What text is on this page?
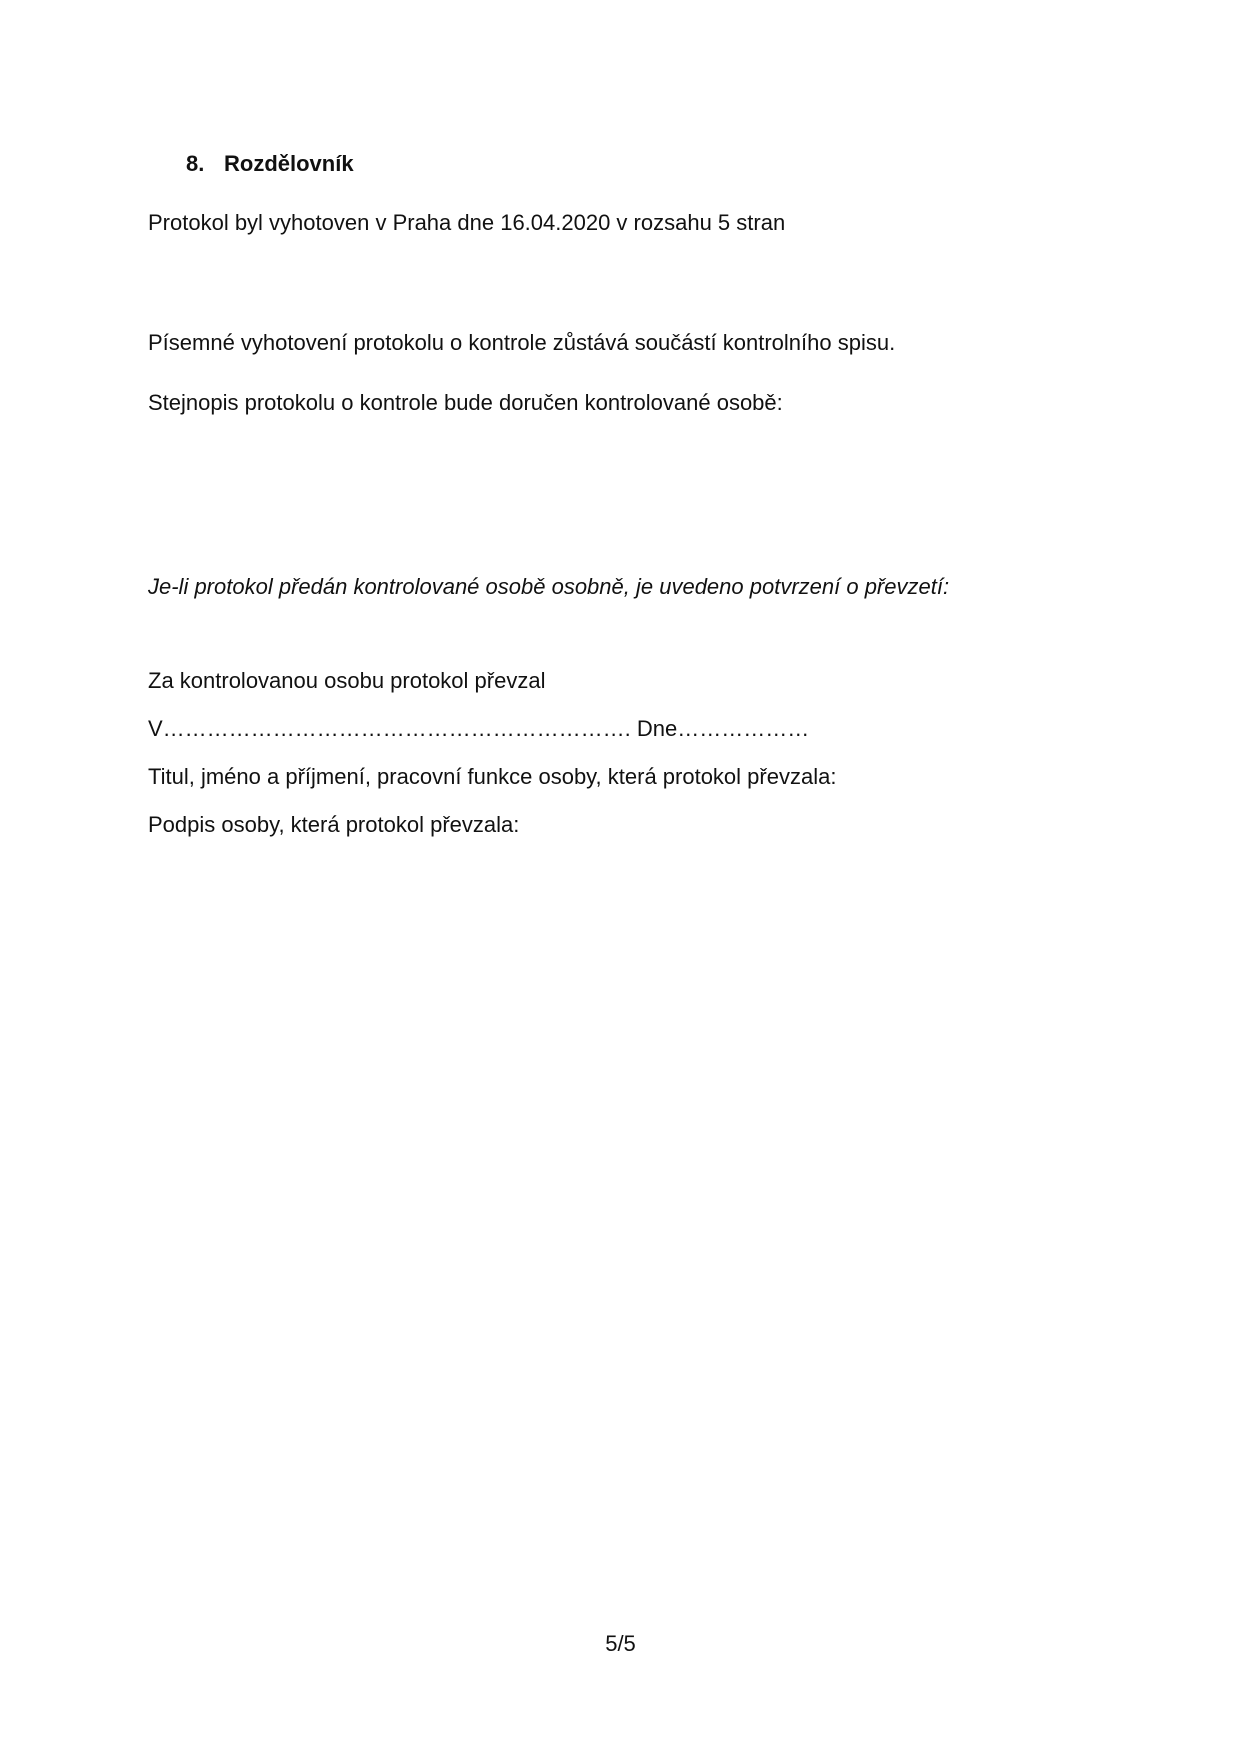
8. Rozdělovník
Protokol byl vyhotoven v Praha dne 16.04.2020 v rozsahu 5 stran
Písemné vyhotovení protokolu o kontrole zůstává součástí kontrolního spisu.
Stejnopis protokolu o kontrole bude doručen kontrolované osobě:
Je-li protokol předán kontrolované osobě osobně, je uvedeno potvrzení o převzetí:
Za kontrolovanou osobu protokol převzal
V………………………………………………………. Dne………………
Titul, jméno a příjmení, pracovní funkce osoby, která protokol převzala:
Podpis osoby, která protokol převzala:
5/5
